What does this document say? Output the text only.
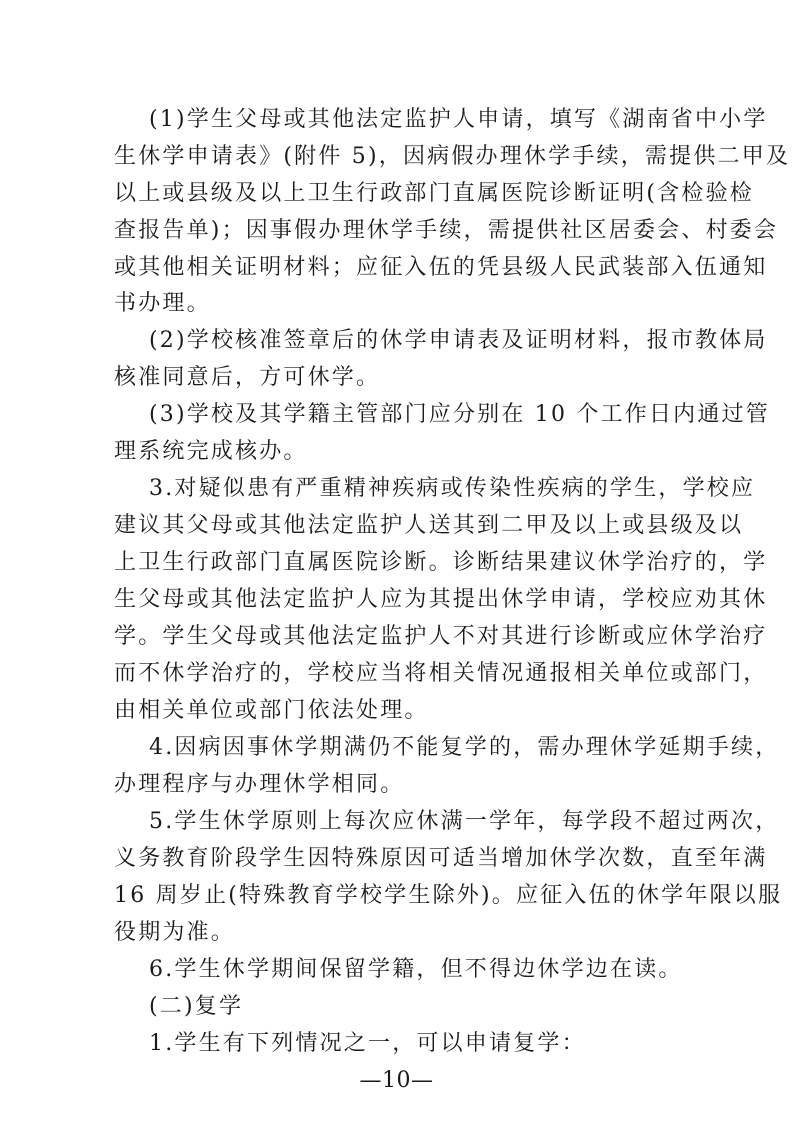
(1)学生父母或其他法定监护人申请，填写《湖南省中小学
生休学申请表》(附件 5)，因病假办理休学手续，需提供二甲及
以上或县级及以上卫生行政部门直属医院诊断证明(含检验检
查报告单)；因事假办理休学手续，需提供社区居委会、村委会
或其他相关证明材料；应征入伍的凭县级人民武装部入伍通知
书办理。
(2)学校核准签章后的休学申请表及证明材料，报市教体局
核准同意后，方可休学。
(3)学校及其学籍主管部门应分别在 10 个工作日内通过管
理系统完成核办。
3.对疑似患有严重精神疾病或传染性疾病的学生，学校应
建议其父母或其他法定监护人送其到二甲及以上或县级及以
上卫生行政部门直属医院诊断。诊断结果建议休学治疗的，学
生父母或其他法定监护人应为其提出休学申请，学校应劝其休
学。学生父母或其他法定监护人不对其进行诊断或应休学治疗
而不休学治疗的，学校应当将相关情况通报相关单位或部门，
由相关单位或部门依法处理。
4.因病因事休学期满仍不能复学的，需办理休学延期手续，
办理程序与办理休学相同。
5.学生休学原则上每次应休满一学年，每学段不超过两次，
义务教育阶段学生因特殊原因可适当增加休学次数，直至年满
16 周岁止(特殊教育学校学生除外)。应征入伍的休学年限以服
役期为准。
6.学生休学期间保留学籍，但不得边休学边在读。
(二)复学
1.学生有下列情况之一，可以申请复学：
—10—
